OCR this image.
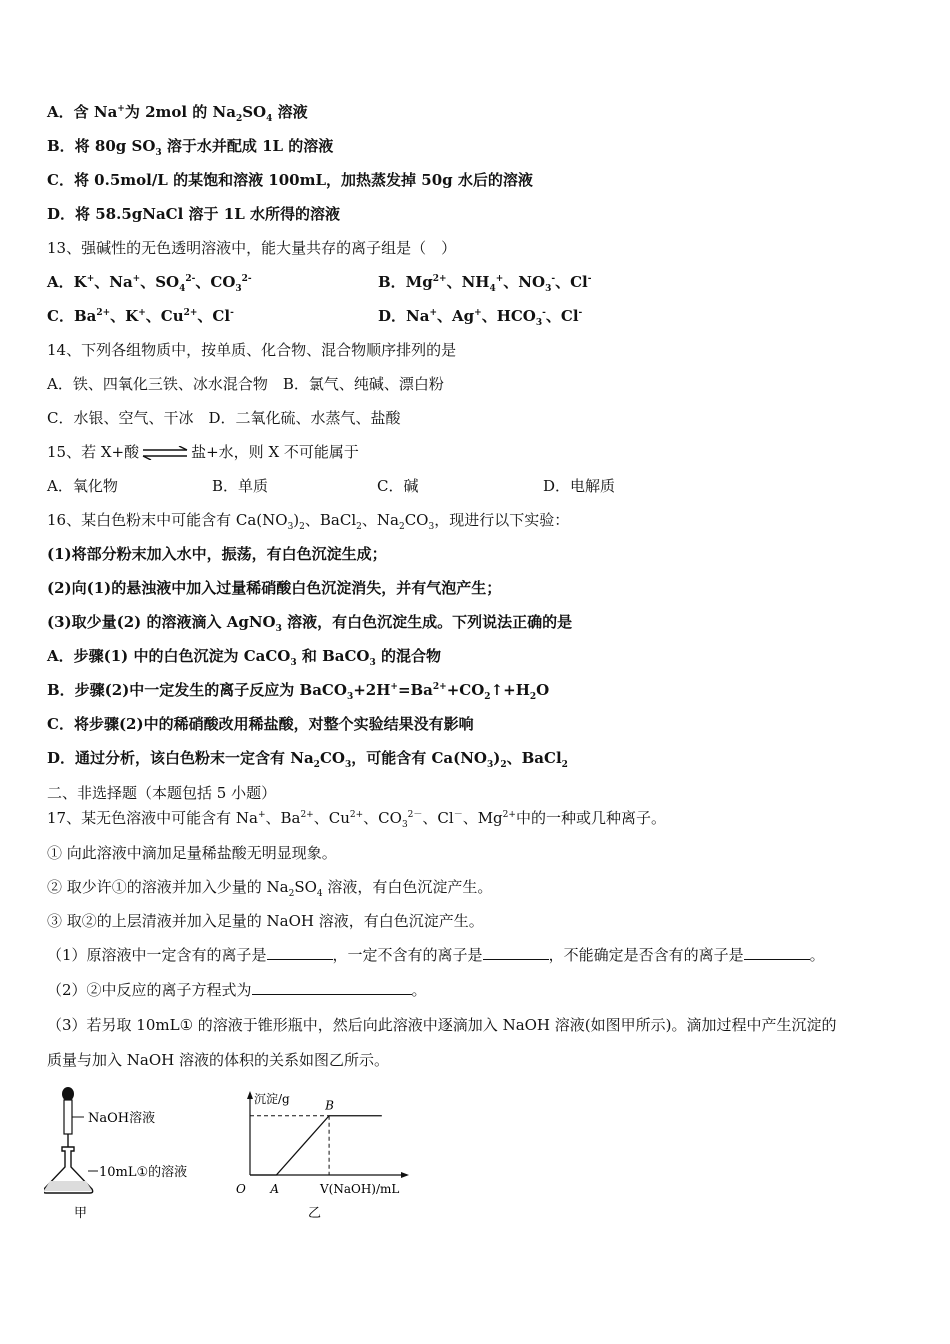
A．含 Na+为 2mol 的 $Na_2SO_4$ 溶液
B．将 80g $SO_3$ 溶于水并配成 1L 的溶液
C．将 0.5mol/L 的某饱和溶液 100mL，加热蒸发掉 50g 水后的溶液
D．将 58.5gNaCl 溶于 1L 水所得的溶液
13、强碱性的无色透明溶液中，能大量共存的离子组是（　）
A．K+、Na+、$SO_4^{2-}$、$CO_3^{2-}$	B．$Mg^{2+}$、$NH_4^+$、$NO_3^-$、Cl-
C．$Ba^{2+}$、K+、$Cu^{2+}$、Cl-	D．Na+、Ag+、$HCO_3^-$、Cl-
14、下列各组物质中，按单质、化合物、混合物顺序排列的是
A．铁、四氧化三铁、冰水混合物　B．氯气、纯碱、漂白粉
C．水银、空气、干冰　D．二氧化硫、水蒸气、盐酸
15、若 X+酸 ⇌ 盐+水，则 X 不可能属于
A．氧化物	B．单质	C．碱	D．电解质
16、某白色粉末中可能含有 $Ca(NO_3)_2$、BaCl$_2$、$Na_2CO_3$，现进行以下实验：
(1)将部分粉末加入水中，振荡，有白色沉淀生成；
(2)向(1)的悬浊液中加入过量稀硝酸白色沉淀消失，并有气泡产生；
(3)取少量(2) 的溶液滴入 AgNO$_3$ 溶液，有白色沉淀生成。下列说法正确的是
A．步骤(1) 中的白色沉淀为 CaCO$_3$ 和 BaCO$_3$ 的混合物
B．步骤(2)中一定发生的离子反应为 $BaCO_3+2H^+=Ba^{2+}+CO_2↑+H_2O$
C．将步骤(2)中的稀硝酸改用稀盐酸，对整个实验结果没有影响
D．通过分析，该白色粉末一定含有 $Na_2CO_3$，可能含有 $Ca(NO_3)_2$、BaCl$_2$
二、非选择题（本题包括 5 小题）
17、某无色溶液中可能含有 Na+、$Ba^{2+}$、$Cu^{2+}$、$CO_3^{2-}$、Cl－、$Mg^{2+}$中的一种或几种离子。
① 向此溶液中滴加足量稀盐酸无明显现象。
② 取少许①的溶液并加入少量的 $Na_2SO_4$ 溶液，有白色沉淀产生。
③ 取②的上层清液并加入足量的 NaOH 溶液，有白色沉淀产生。
（1）原溶液中一定含有的离子是	，一定不含有的离子是	，不能确定是否含有的离子是	。
（2）②中反应的离子方程式为	。
（3）若另取 10mL① 的溶液于锥形瓶中，然后向此溶液中逐滴加入 NaOH 溶液(如图甲所示)。滴加过程中产生沉淀的
质量与加入 NaOH 溶液的体积的关系如图乙所示。
NaOH溶液
10mL①的溶液
甲
沉淀/g
V(NaOH)/mL
O A
B
乙
